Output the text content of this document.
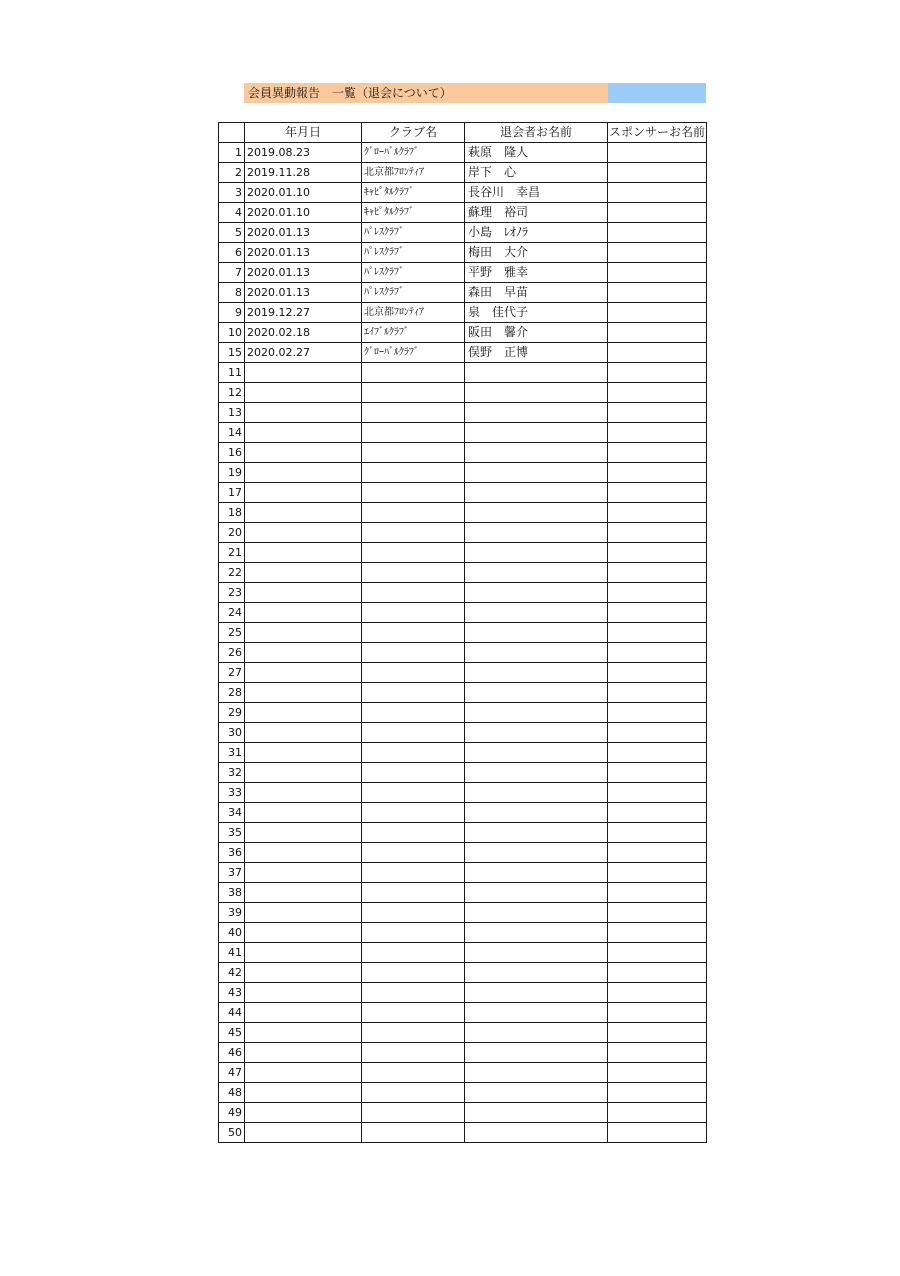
会員異動報告　一覧（退会について）
	年月日	クラブ名	退会者お名前	スポンサーお名前
1	2019.08.23	ｸﾞﾛｰﾊﾞﾙｸﾗﾌﾞ	萩原　隆人	
2	2019.11.28	北京都ﾌﾛﾝﾃｨｱ	岸下　心	
3	2020.01.10	ｷｬﾋﾟﾀﾙｸﾗﾌﾞ	長谷川　幸昌	
4	2020.01.10	ｷｬﾋﾟﾀﾙｸﾗﾌﾞ	蘇理　裕司	
5	2020.01.13	ﾊﾟﾚｽｸﾗﾌﾞ	小島　ﾚｵﾉﾗ	
6	2020.01.13	ﾊﾟﾚｽｸﾗﾌﾞ	梅田　大介	
7	2020.01.13	ﾊﾟﾚｽｸﾗﾌﾞ	平野　雅幸	
8	2020.01.13	ﾊﾟﾚｽｸﾗﾌﾞ	森田　早苗	
9	2019.12.27	北京都ﾌﾛﾝﾃｨｱ	泉　佳代子	
10	2020.02.18	ｴｲﾌﾞﾙｸﾗﾌﾞ	阪田　馨介	
15	2020.02.27	ｸﾞﾛｰﾊﾞﾙｸﾗﾌﾞ	俣野　正博	
11				
12				
13				
14				
16				
19				
17				
18				
20				
21				
22				
23				
24				
25				
26				
27				
28				
29				
30				
31				
32				
33				
34				
35				
36				
37				
38				
39				
40				
41				
42				
43				
44				
45				
46				
47				
48				
49				
50				
